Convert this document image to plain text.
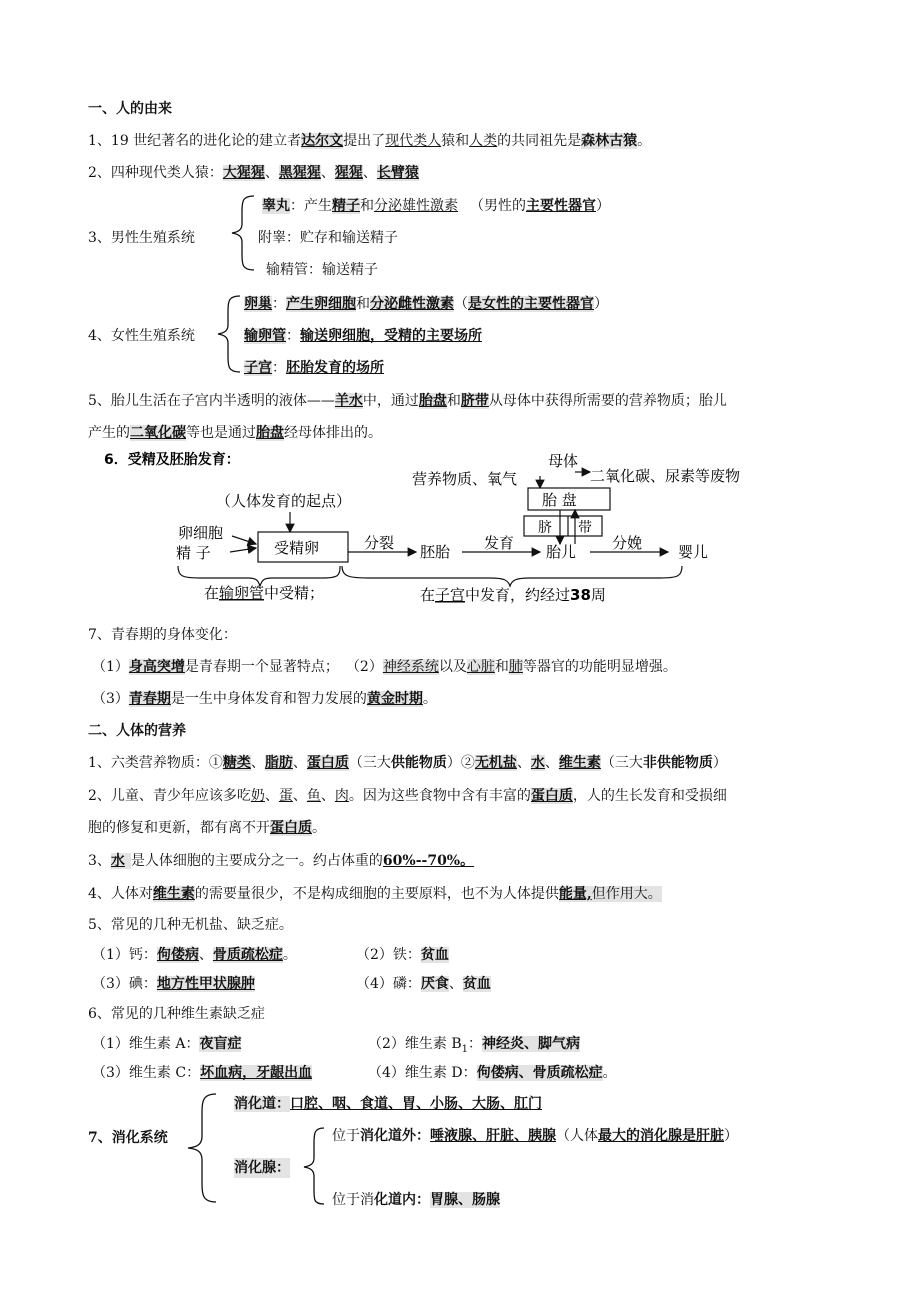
一、人的由来
1、19 世纪著名的进化论的建立者达尔文提出了现代类人猿和人类的共同祖先是森林古猿。
2、四种现代类人猿：大猩猩、黑猩猩、猩猩、长臂猿
3、男性生殖系统
睾丸：产生精子和分泌雄性激素 （男性的主要性器官）
附睾：贮存和输送精子
输精管：输送精子
4、女性生殖系统
卵巢：产生卵细胞和分泌雌性激素（是女性的主要性器官）
输卵管：输送卵细胞，受精的主要场所
子宫：胚胎发育的场所
5、胎儿生活在子宫内半透明的液体——羊水中，通过胎盘和脐带从母体中获得所需要的营养物质；胎儿
产生的二氧化碳等也是通过胎盘经母体排出的。
6．受精及胚胎发育：	母体
营养物质、氧气	二氧化碳、尿素等废物
胎 盘
脐 带
（人体发育的起点）
卵细胞
精 子	受精卵	分裂 胚胎 发育 胎儿 分娩 婴儿
在输卵管中受精；	在子宫中发育，约经过38周
7、青春期的身体变化：
（1）身高突增是青春期一个显著特点； （2）神经系统以及心脏和肺等器官的功能明显增强。
（3）青春期是一生中身体发育和智力发展的黄金时期。
二、人体的营养
1、六类营养物质：①糖类、脂肪、蛋白质（三大供能物质）②无机盐、水、维生素（三大非供能物质）
2、儿童、青少年应该多吃奶、蛋、鱼、肉。因为这些食物中含有丰富的蛋白质，人的生长发育和受损细
胞的修复和更新，都有离不开蛋白质。
3、水 是人体细胞的主要成分之一。约占体重的60%--70%。
4、人体对维生素的需要量很少，不是构成细胞的主要原料，也不为人体提供能量,但作用大。
5、常见的几种无机盐、缺乏症。
（1）钙：佝偻病、骨质疏松症。	（2）铁：贫血
（3）碘：地方性甲状腺肿	（4）磷：厌食、贫血
6、常见的几种维生素缺乏症
（1）维生素 A：夜盲症	（2）维生素 $B_1$：神经炎、脚气病
（3）维生素 C：坏血病，牙龈出血	（4）维生素 D：佝偻病、骨质疏松症。
7、消化系统
消化道：口腔、咽、食道、胃、小肠、大肠、肛门
消化腺：
位于消化道外：唾液腺、肝脏、胰腺（人体最大的消化腺是肝脏）
位于消化道内：胃腺、肠腺
